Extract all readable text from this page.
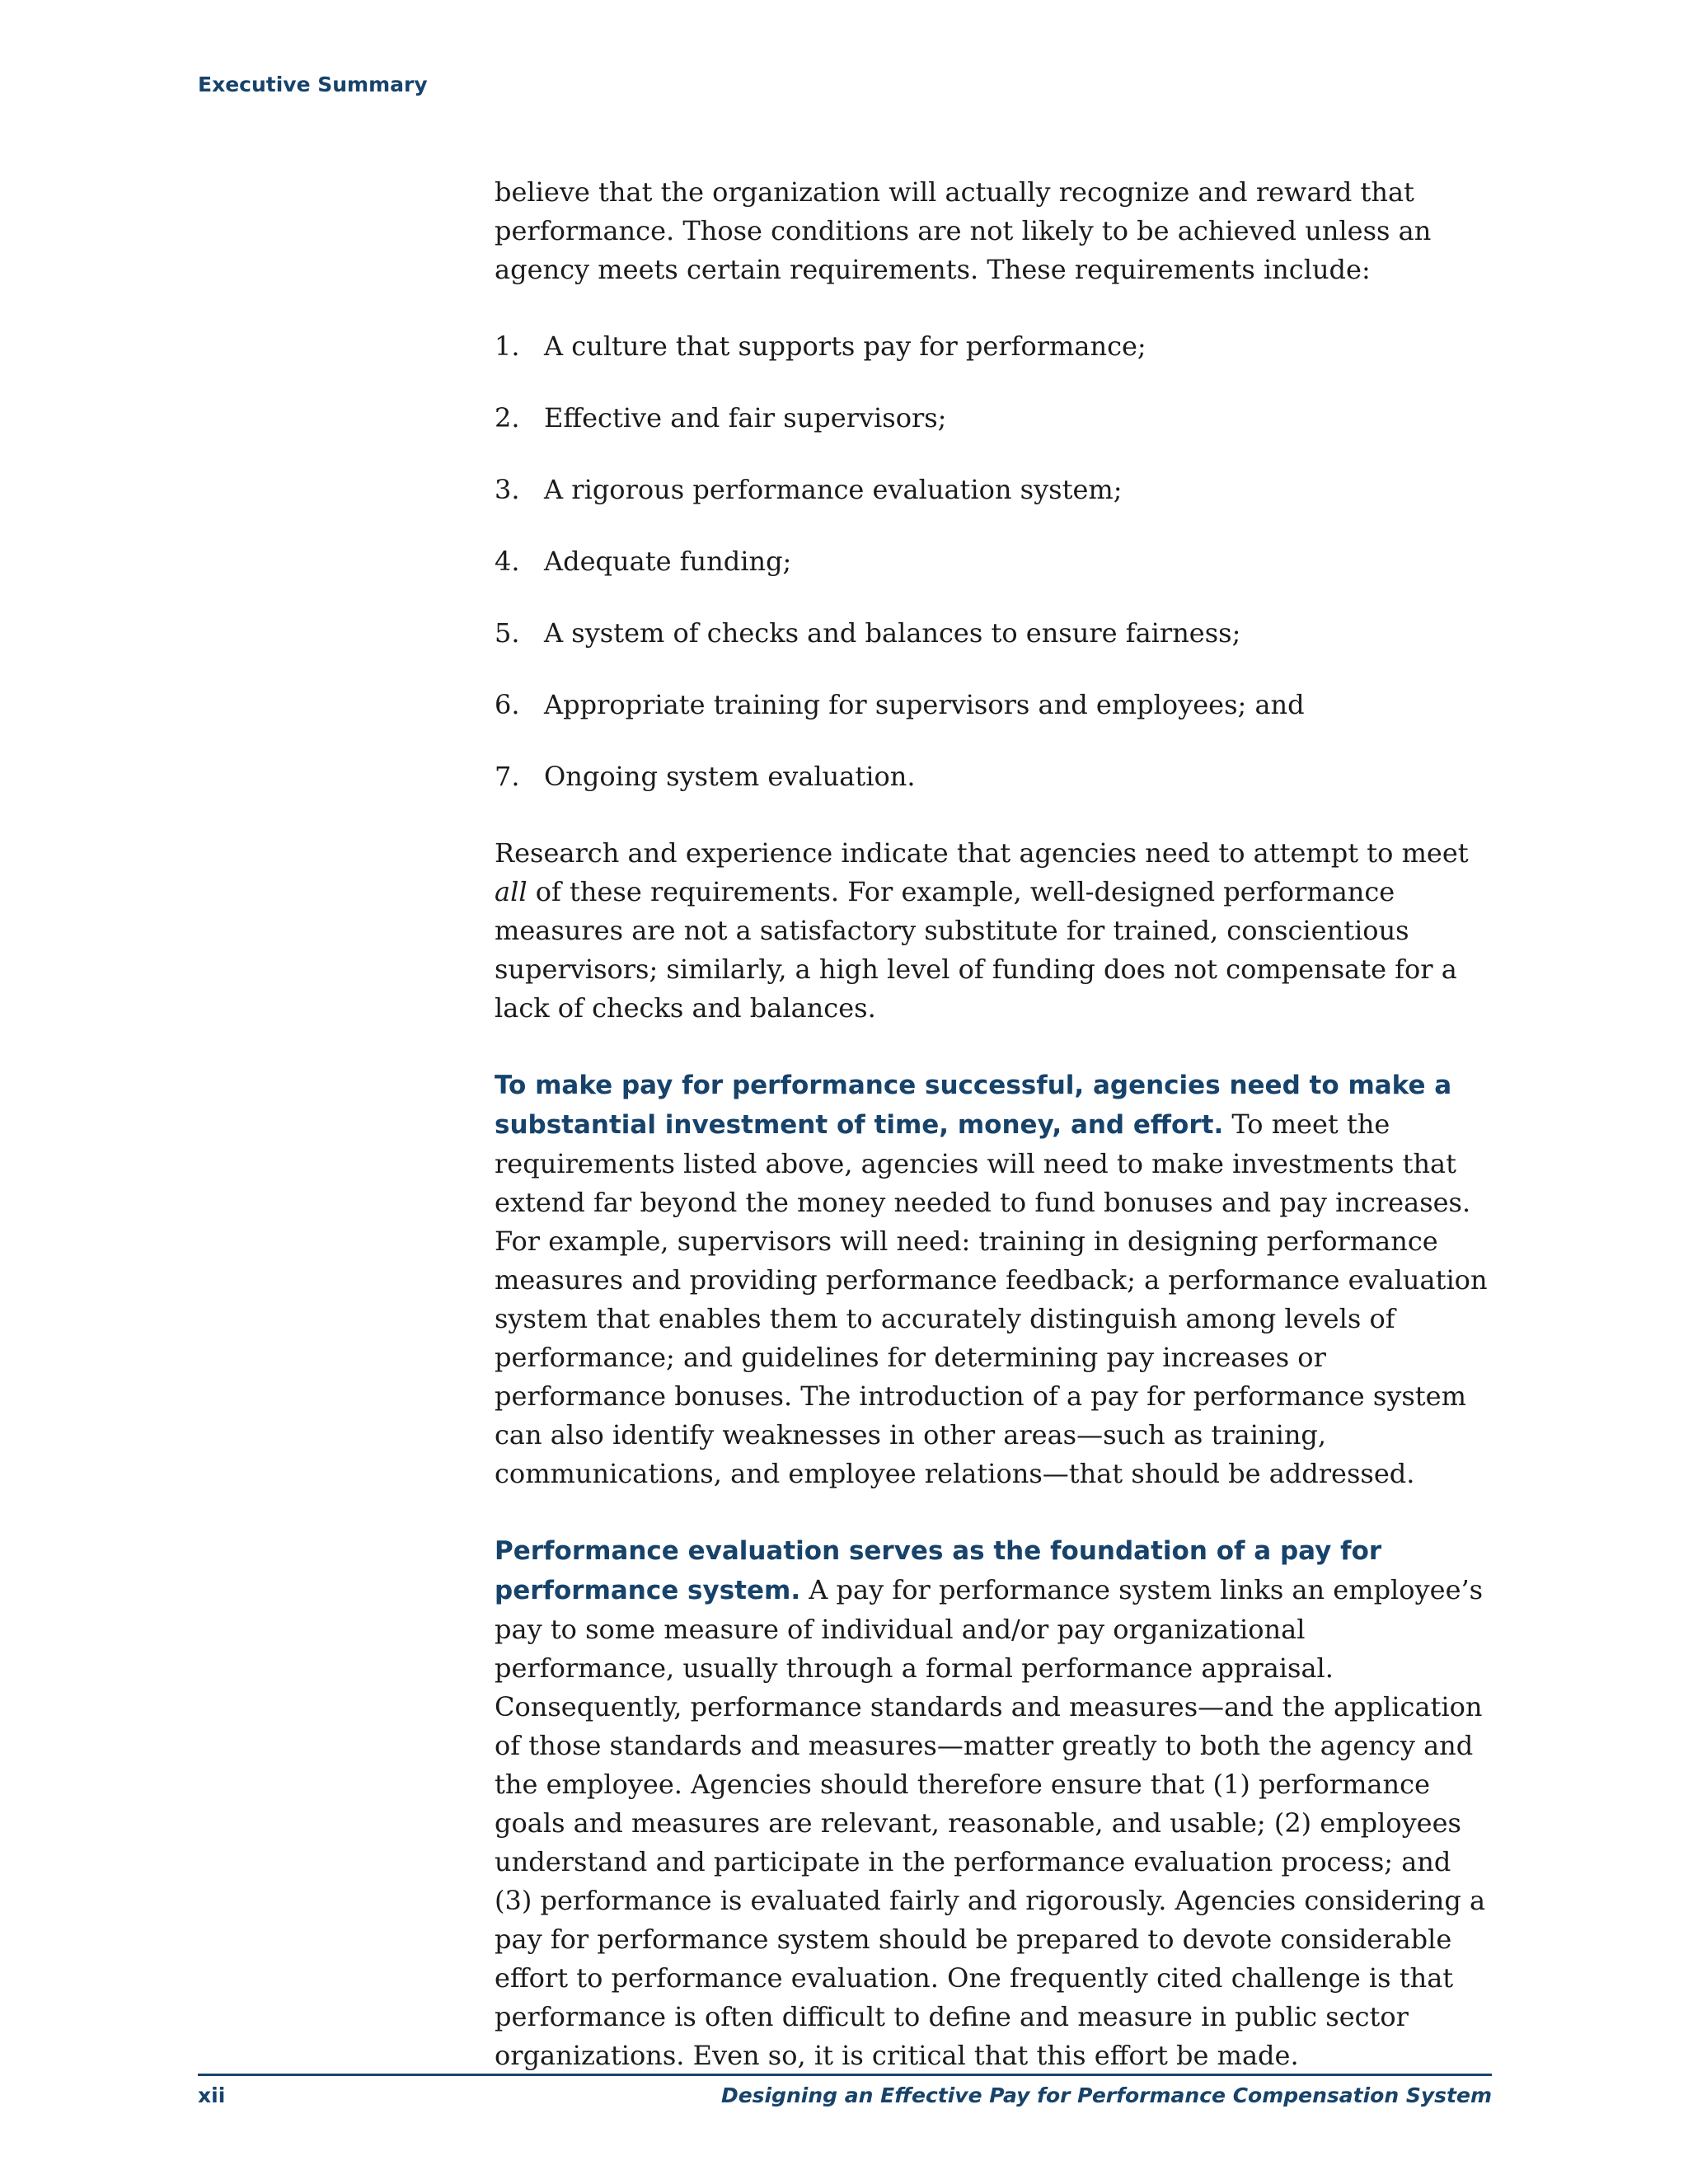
Executive Summary

believe that the organization will actually recognize and reward that performance. Those conditions are not likely to be achieved unless an agency meets certain requirements. These requirements include:

1. A culture that supports pay for performance;
2. Effective and fair supervisors;
3. A rigorous performance evaluation system;
4. Adequate funding;
5. A system of checks and balances to ensure fairness;
6. Appropriate training for supervisors and employees; and
7. Ongoing system evaluation.

Research and experience indicate that agencies need to attempt to meet all of these requirements. For example, well-designed performance measures are not a satisfactory substitute for trained, conscientious supervisors; similarly, a high level of funding does not compensate for a lack of checks and balances.

To make pay for performance successful, agencies need to make a substantial investment of time, money, and effort. To meet the requirements listed above, agencies will need to make investments that extend far beyond the money needed to fund bonuses and pay increases. For example, supervisors will need: training in designing performance measures and providing performance feedback; a performance evaluation system that enables them to accurately distinguish among levels of performance; and guidelines for determining pay increases or performance bonuses. The introduction of a pay for performance system can also identify weaknesses in other areas—such as training, communications, and employee relations—that should be addressed.

Performance evaluation serves as the foundation of a pay for performance system. A pay for performance system links an employee’s pay to some measure of individual and/or pay organizational performance, usually through a formal performance appraisal. Consequently, performance standards and measures—and the application of those standards and measures—matter greatly to both the agency and the employee. Agencies should therefore ensure that (1) performance goals and measures are relevant, reasonable, and usable; (2) employees understand and participate in the performance evaluation process; and (3) performance is evaluated fairly and rigorously. Agencies considering a pay for performance system should be prepared to devote considerable effort to performance evaluation. One frequently cited challenge is that performance is often difficult to define and measure in public sector organizations. Even so, it is critical that this effort be made.

xii	Designing an Effective Pay for Performance Compensation System
